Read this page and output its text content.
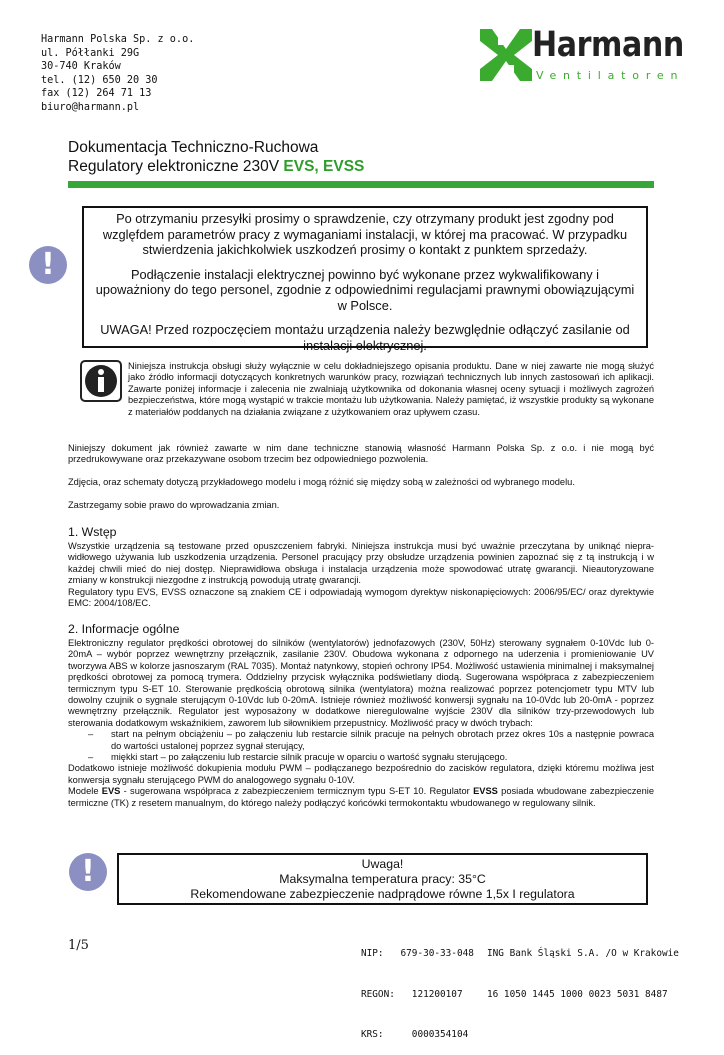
Harmann Polska Sp. z o.o.
ul. Półłanki 29G
30-740 Kraków
tel. (12) 650 20 30
fax (12) 264 71 13
biuro@harmann.pl
Harmann
Ventilatoren
Dokumentacja Techniczno-Ruchowa
Regulatory elektroniczne 230V EVS, EVSS
!

Po otrzymaniu przesyłki prosimy o sprawdzenie, czy otrzymany produkt jest zgodny pod wzglęfdem parametrów pracy z wymaganiami instalacji, w której ma pracować. W przypadku stwierdzenia jakichkolwiek uszkodzeń prosimy o kontakt z punktem sprzedaży.

Podłączenie instalacji elektrycznej powinno być wykonane przez wykwalifikowany i upoważniony do tego personel, zgodnie z odpowiednimi regulacjami prawnymi obowiązującymi w Polsce.

UWAGA! Przed rozpoczęciem montażu urządzenia należy bezwględnie odłączyć zasilanie od instalacji elektrycznej.

Niniejsza instrukcja obsługi służy wyłącznie w celu dokładniejszego opisania produktu. Dane w niej zawarte nie mogą służyć jako źródło informacji dotyczących konkretnych warunków pracy, rozwiązań technicznych lub innych zastosowań ich aplikacji. Zawarte poniżej informacje i zalecenia nie zwalniają użytkownika od dokonania własnej oceny sytuacji i możliwych zagrożeń bezpieczeństwa, które mogą wystąpić w trakcie montażu lub użytkowania. Należy pamiętać, iż wszystkie produkty są wykonane z materiałów poddanych na działania związane z użytkowaniem oraz upływem czasu.
Niniejszy dokument jak również zawarte w nim dane techniczne stanowią własność Harmann Polska Sp. z o.o. i nie mogą być przedrukowywane oraz przekazywane osobom trzecim bez odpowiedniego pozwolenia.
Zdjęcia, oraz schematy dotyczą przykładowego modelu i mogą różnić się między sobą w zależności od wybranego modelu.
Zastrzegamy sobie prawo do wprowadzania zmian.
1. Wstęp
Wszystkie urządzenia są testowane przed opuszczeniem fabryki. Niniejsza instrukcja musi być uważnie przeczytana by uniknąć nieprawidłowego używania lub uszkodzenia urządzenia. Personel pracujący przy obsłudze urządzenia powinien zapoznać się z tą instrukcją i w każdej chwili mieć do niej dostęp. Nieprawidłowa obsługa i instalacja urządzenia może spowodować utratę gwarancji. Nieautoryzowane zmiany w konstrukcji niezgodne z instrukcją powodują utratę gwarancji.
Regulatory typu EVS, EVSS oznaczone są znakiem CE i odpowiadają wymogom dyrektyw niskonapięciowych: 2006/95/EC/ oraz dyrektywie EMC: 2004/108/EC.
2. Informacje ogólne
Elektroniczny regulator prędkości obrotowej do silników (wentylatorów) jednofazowych (230V, 50Hz) sterowany sygnałem 0-10Vdc lub 0-20mA – wybór poprzez wewnętrzny przełącznik, zasilanie 230V. Obudowa wykonana z odpornego na uderzenia i promieniowanie UV tworzywa ABS w kolorze jasnoszarym (RAL 7035). Montaż natynkowy, stopień ochrony IP54. Możliwość ustawienia minimalnej i maksymalnej prędkości obrotowej za pomocą trymera. Oddzielny przycisk wyłącznika podświetlany diodą. Sugerowana współpraca z zabezpieczeniem termicznym typu S-ET 10. Sterowanie prędkością obrotową silnika (wentylatora) można realizować poprzez potencjometr typu MTV lub dowolny czujnik o sygnale sterującym 0-10Vdc lub 0-20mA. Istnieje również możliwość konwersji sygnału na 10-0Vdc lub 20-0mA - poprzez wewnętrzny przełącznik. Regulator jest wyposażony w dodatkowe nieregulowalne wyjście 230V dla silników trzy-przewodowych lub sterowania dodatkowym wskaźnikiem, zaworem lub siłownikiem przepustnicy. Możliwość pracy w dwóch trybach:
– start na pełnym obciążeniu – po załączeniu lub restarcie silnik pracuje na pełnych obrotach przez okres 10s a następnie powraca do wartości ustalonej poprzez sygnał sterujący,
– miękki start – po załączeniu lub restarcie silnik pracuje w oparciu o wartość sygnału sterującego.
Dodatkowo istnieje możliwość dokupienia modułu PWM – podłączanego bezpośrednio do zacisków regulatora, dzięki któremu możliwa jest konwersja sygnału sterującego PWM do analogowego sygnału 0-10V.
Modele EVS - sugerowana współpraca z zabezpieczeniem termicznym typu S-ET 10. Regulator EVSS posiada wbudowane zabezpieczenie termiczne (TK) z resetem manualnym, do którego należy podłączyć końcówki termokontaktu wbudowanego w regulowany silnik.
!	Uwaga!
Maksymalna temperatura pracy: 35°C
Rekomendowane zabezpieczenie nadprądowe równe 1,5x I regulatora
1/5

NIP:   679-30-33-048

REGON:   121200107

KRS:     0000354104

ING Bank Śląski S.A. /O w Krakowie

16 1050 1445 1000 0023 5031 8487
